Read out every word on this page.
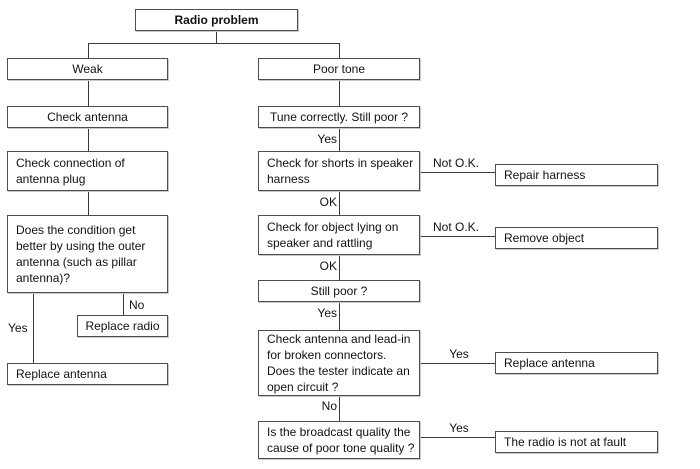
Radio problem
Weak	Poor tone
Check antenna	Tune correctly. Still poor ?
Check connection of antenna plug
Check for shorts in speaker harness	Repair harness
Does the condition get better by using the outer antenna (such as pillar antenna)?
Check for object lying on speaker and rattling	Remove object
Still poor ?
Replace radio
Check antenna and lead-in for broken connectors. Does the tester indicate an open circuit ?
Replace antenna
Replace antenna
Is the broadcast quality the cause of poor tone quality ?	The radio is not at fault
Yes
No
Yes
OK
OK
Yes
No
Not O.K.
Not O.K.
Yes
Yes
